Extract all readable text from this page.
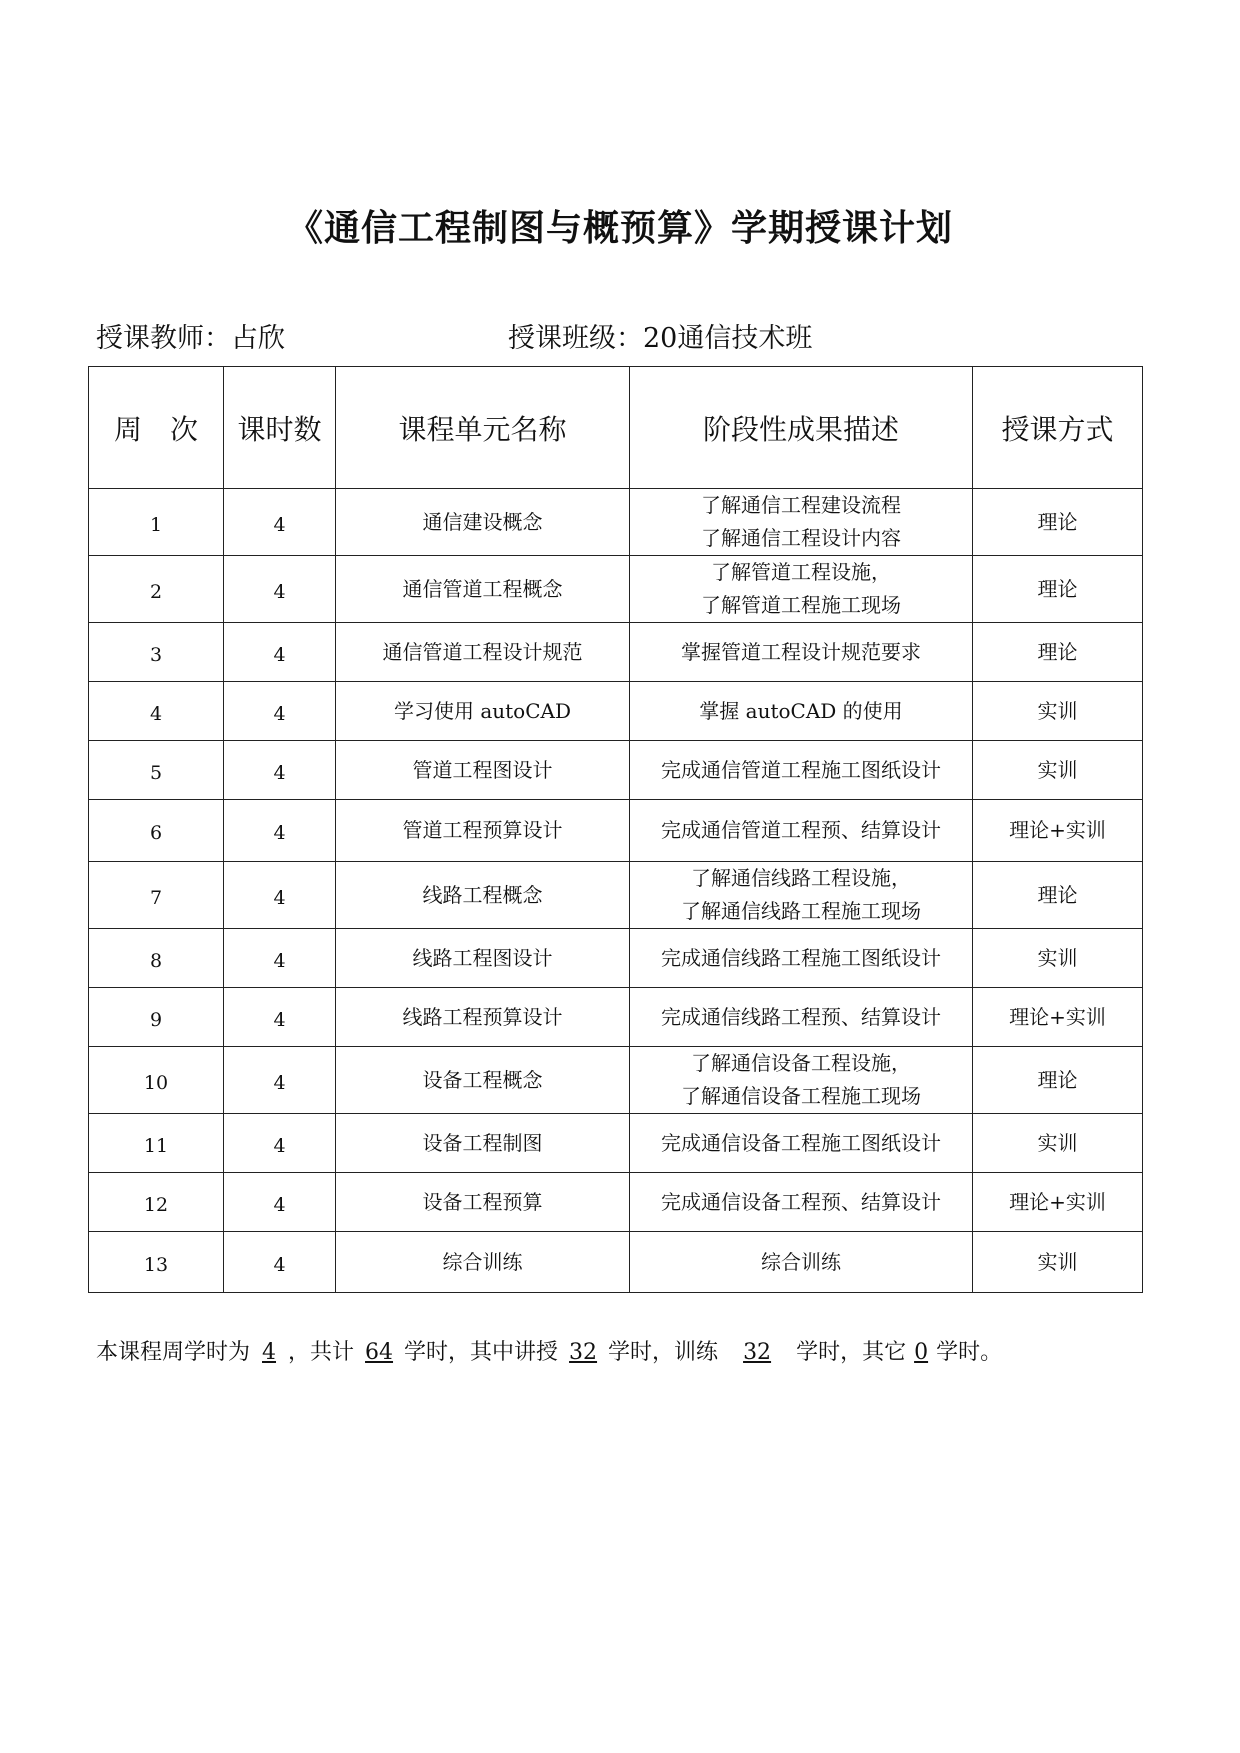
《通信工程制图与概预算》学期授课计划
授课教师：占欣	授课班级：20通信技术班
周　次	课时数	课程单元名称	阶段性成果描述	授课方式
1	4	通信建设概念	了解通信工程建设流程
了解通信工程设计内容	理论
2	4	通信管道工程概念	了解管道工程设施，
了解管道工程施工现场	理论
3	4	通信管道工程设计规范	掌握管道工程设计规范要求	理论
4	4	学习使用 autoCAD	掌握 autoCAD 的使用	实训
5	4	管道工程图设计	完成通信管道工程施工图纸设计	实训
6	4	管道工程预算设计	完成通信管道工程预、结算设计	理论+实训
7	4	线路工程概念	了解通信线路工程设施，
了解通信线路工程施工现场	理论
8	4	线路工程图设计	完成通信线路工程施工图纸设计	实训
9	4	线路工程预算设计	完成通信线路工程预、结算设计	理论+实训
10	4	设备工程概念	了解通信设备工程设施，
了解通信设备工程施工现场	理论
11	4	设备工程制图	完成通信设备工程施工图纸设计	实训
12	4	设备工程预算	完成通信设备工程预、结算设计	理论+实训
13	4	综合训练	综合训练	实训
本课程周学时为 4 ，共计 64 学时，其中讲授 32 学时，训练 32 学时，其它 0 学时。
